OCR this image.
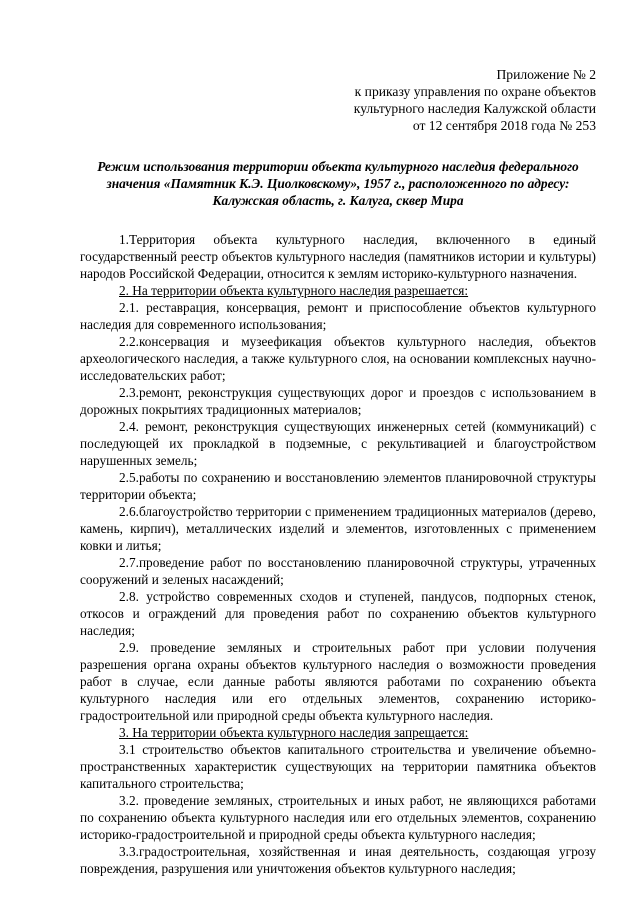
Приложение № 2
к приказу управления по охране объектов
культурного наследия Калужской области
от 12 сентября 2018 года № 253
Режим использования территории объекта культурного наследия федерального
значения «Памятник К.Э. Циолковскому», 1957 г., расположенного по адресу:
Калужская область, г. Калуга, сквер Мира

1.Территория объекта культурного наследия, включенного в единый государственный реестр объектов культурного наследия (памятников истории и культуры) народов Российской Федерации, относится к землям историко-культурного назначения.

2. На территории объекта культурного наследия разрешается:

2.1. реставрация, консервация, ремонт и приспособление объектов культурного наследия для современного использования;

2.2.консервация и музеефикация объектов культурного наследия, объектов археологического наследия, а также культурного слоя, на основании комплексных научно-исследовательских работ;

2.3.ремонт, реконструкция существующих дорог и проездов с использованием в дорожных покрытиях традиционных материалов;

2.4. ремонт, реконструкция существующих инженерных сетей (коммуникаций) с последующей их прокладкой в подземные, с рекультивацией и благоустройством нарушенных земель;

2.5.работы по сохранению и восстановлению элементов планировочной структуры территории объекта;

2.6.благоустройство территории с применением традиционных материалов (дерево, камень, кирпич), металлических изделий и элементов, изготовленных с применением ковки и литья;

2.7.проведение работ по восстановлению планировочной структуры, утраченных сооружений и зеленых насаждений;

2.8. устройство современных сходов и ступеней, пандусов, подпорных стенок, откосов и ограждений для проведения работ по сохранению объектов культурного наследия;

2.9. проведение земляных и строительных работ при условии получения разрешения органа охраны объектов культурного наследия о возможности проведения работ в случае, если данные работы являются работами по сохранению объекта культурного наследия или его отдельных элементов, сохранению историко-градостроительной или природной среды объекта культурного наследия.

3. На территории объекта культурного наследия запрещается:

3.1 строительство объектов капитального строительства и увеличение объемно-пространственных характеристик существующих на территории памятника объектов капитального строительства;

3.2. проведение земляных, строительных и иных работ, не являющихся работами по сохранению объекта культурного наследия или его отдельных элементов, сохранению историко-градостроительной и природной среды объекта культурного наследия;

3.3.градостроительная, хозяйственная и иная деятельность, создающая угрозу повреждения, разрушения или уничтожения объектов культурного наследия;
